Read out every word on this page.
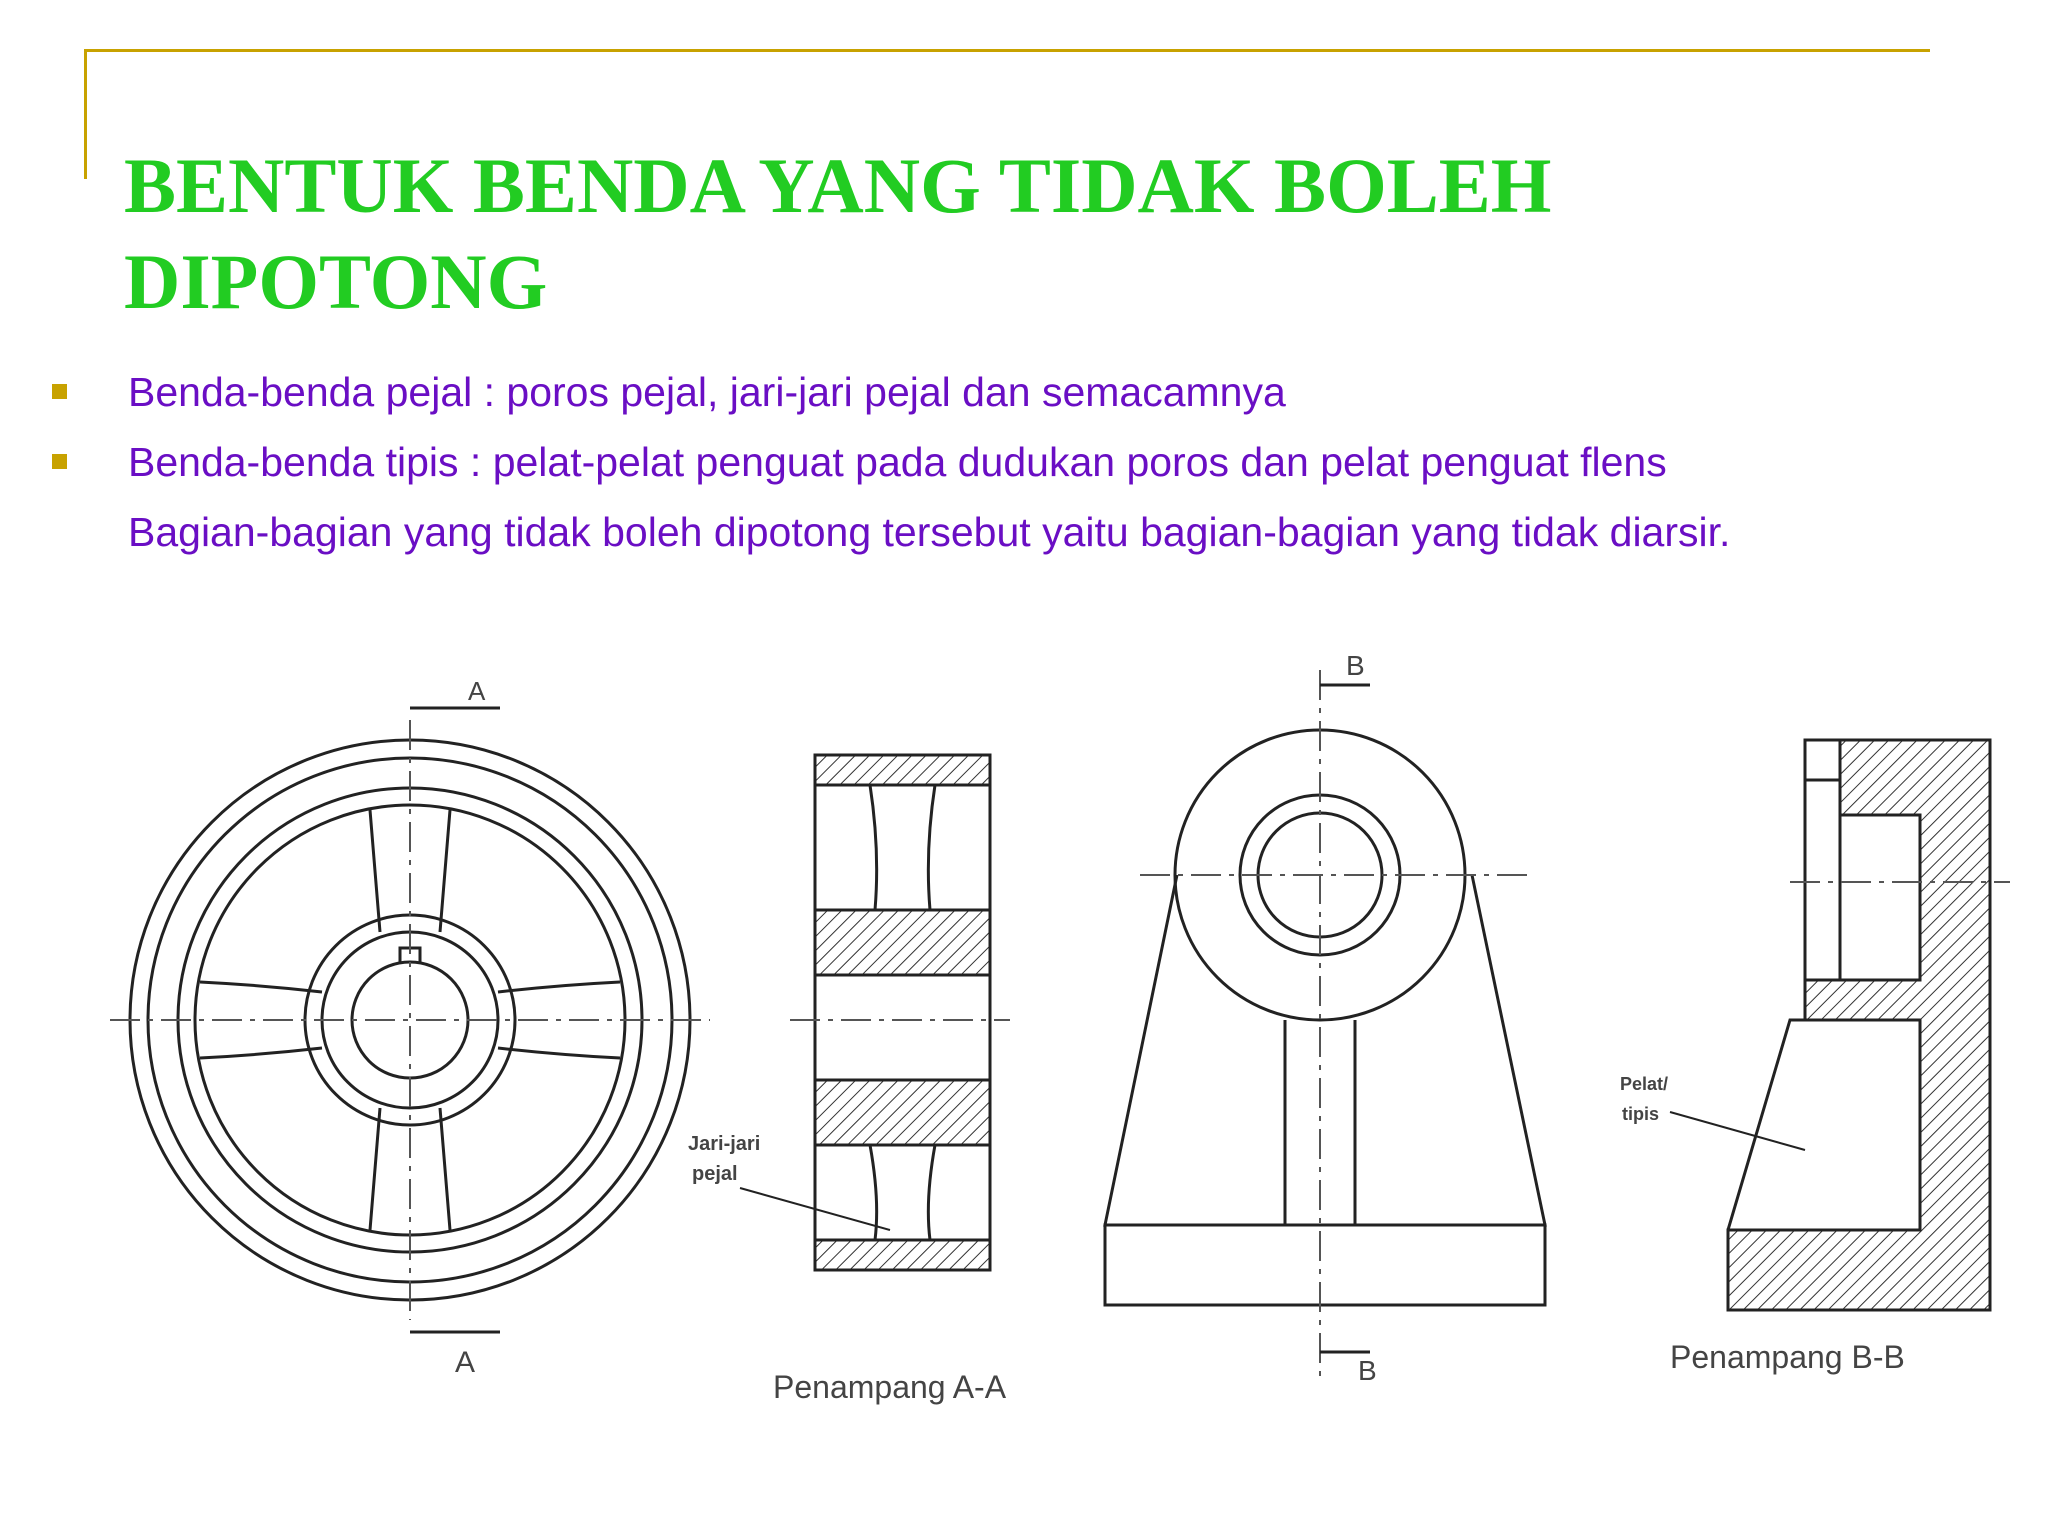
BENTUK BENDA YANG TIDAK BOLEH DIPOTONG
Benda-benda pejal : poros pejal, jari-jari pejal dan semacamnya
Benda-benda tipis : pelat-pelat penguat pada dudukan poros dan pelat penguat flens
Bagian-bagian yang tidak boleh dipotong tersebut yaitu bagian-bagian yang tidak diarsir.
A
A
Jari-jari
pejal
Penampang A-A
B
B
Pelat/
tipis
Penampang B-B
